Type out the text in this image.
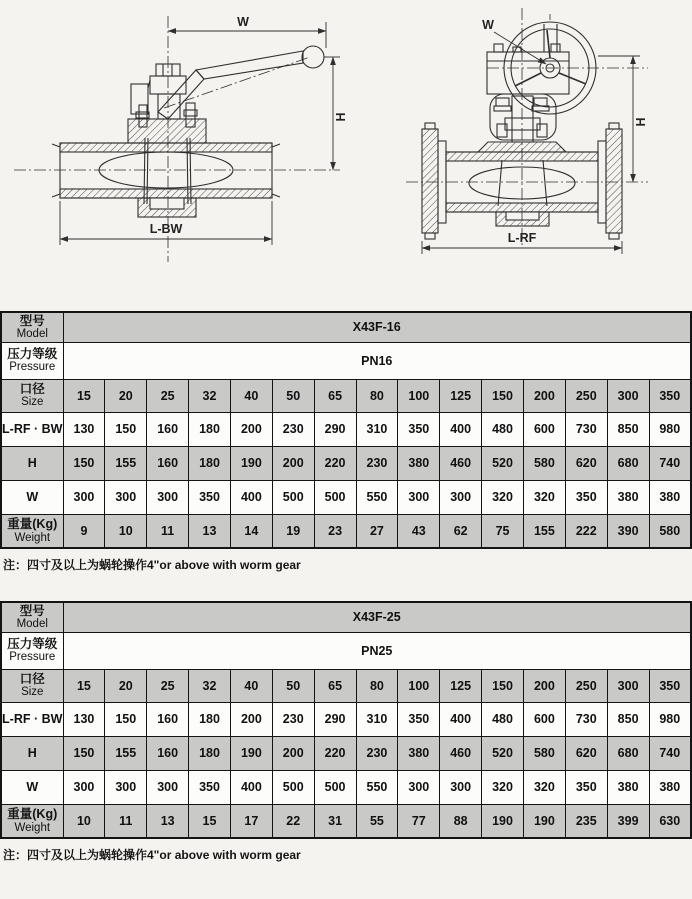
W
H
L-BW
W
H
L-RF
型号
Model	X43F-16														

压力等级
Pressure	PN16														

口径
Size	15	20	25	32	40	50	65	80	100	125	150	200	250	300	350
L-RF · BW	130	150	160	180	200	230	290	310	350	400	480	600	730	850	980
H	150	155	160	180	190	200	220	230	380	460	520	580	620	680	740
W	300	300	300	350	400	500	500	550	300	300	320	320	350	380	380

重量(Kg)
Weight	9	10	11	13	14	19	23	27	43	62	75	155	222	390	580
注：四寸及以上为蜗轮操作4"or above with worm gear
型号
Model	X43F-25														

压力等级
Pressure	PN25														

口径
Size	15	20	25	32	40	50	65	80	100	125	150	200	250	300	350
L-RF · BW	130	150	160	180	200	230	290	310	350	400	480	600	730	850	980
H	150	155	160	180	190	200	220	230	380	460	520	580	620	680	740
W	300	300	300	350	400	500	500	550	300	300	320	320	350	380	380

重量(Kg)
Weight	10	11	13	15	17	22	31	55	77	88	190	190	235	399	630
注：四寸及以上为蜗轮操作4"or above with worm gear
